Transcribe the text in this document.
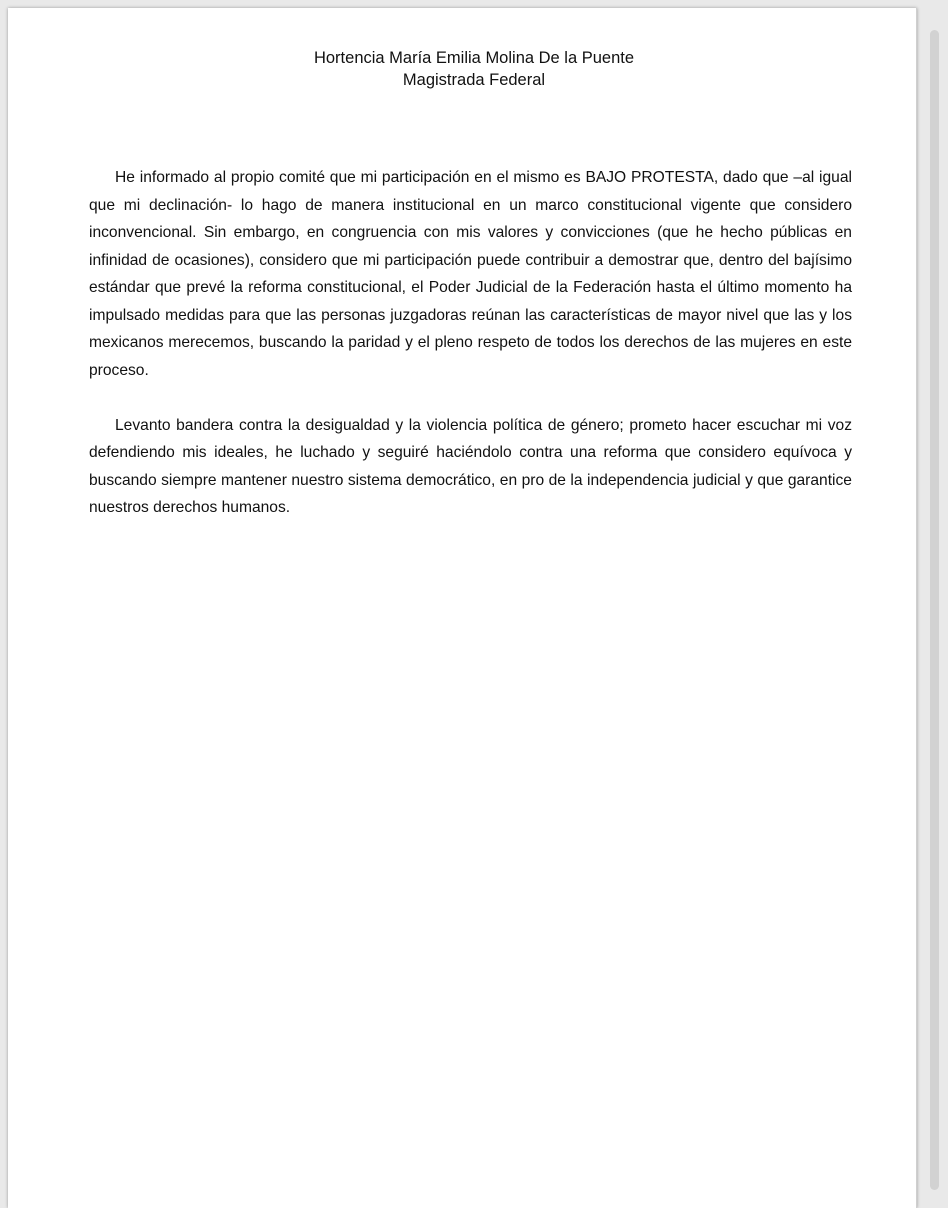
Hortencia María Emilia Molina De la Puente
Magistrada Federal

He informado al propio comité que mi participación en el mismo es BAJO PROTESTA, dado que –al igual que mi declinación- lo hago de manera institucional en un marco constitucional vigente que considero inconvencional. Sin embargo, en congruencia con mis valores y convicciones (que he hecho públicas en infinidad de ocasiones), considero que mi participación puede contribuir a demostrar que, dentro del bajísimo estándar que prevé la reforma constitucional, el Poder Judicial de la Federación hasta el último momento ha impulsado medidas para que las personas juzgadoras reúnan las características de mayor nivel que las y los mexicanos merecemos, buscando la paridad y el pleno respeto de todos los derechos de las mujeres en este proceso.

Levanto bandera contra la desigualdad y la violencia política de género; prometo hacer escuchar mi voz defendiendo mis ideales, he luchado y seguiré haciéndolo contra una reforma que considero equívoca y buscando siempre mantener nuestro sistema democrático, en pro de la independencia judicial y que garantice nuestros derechos humanos.
